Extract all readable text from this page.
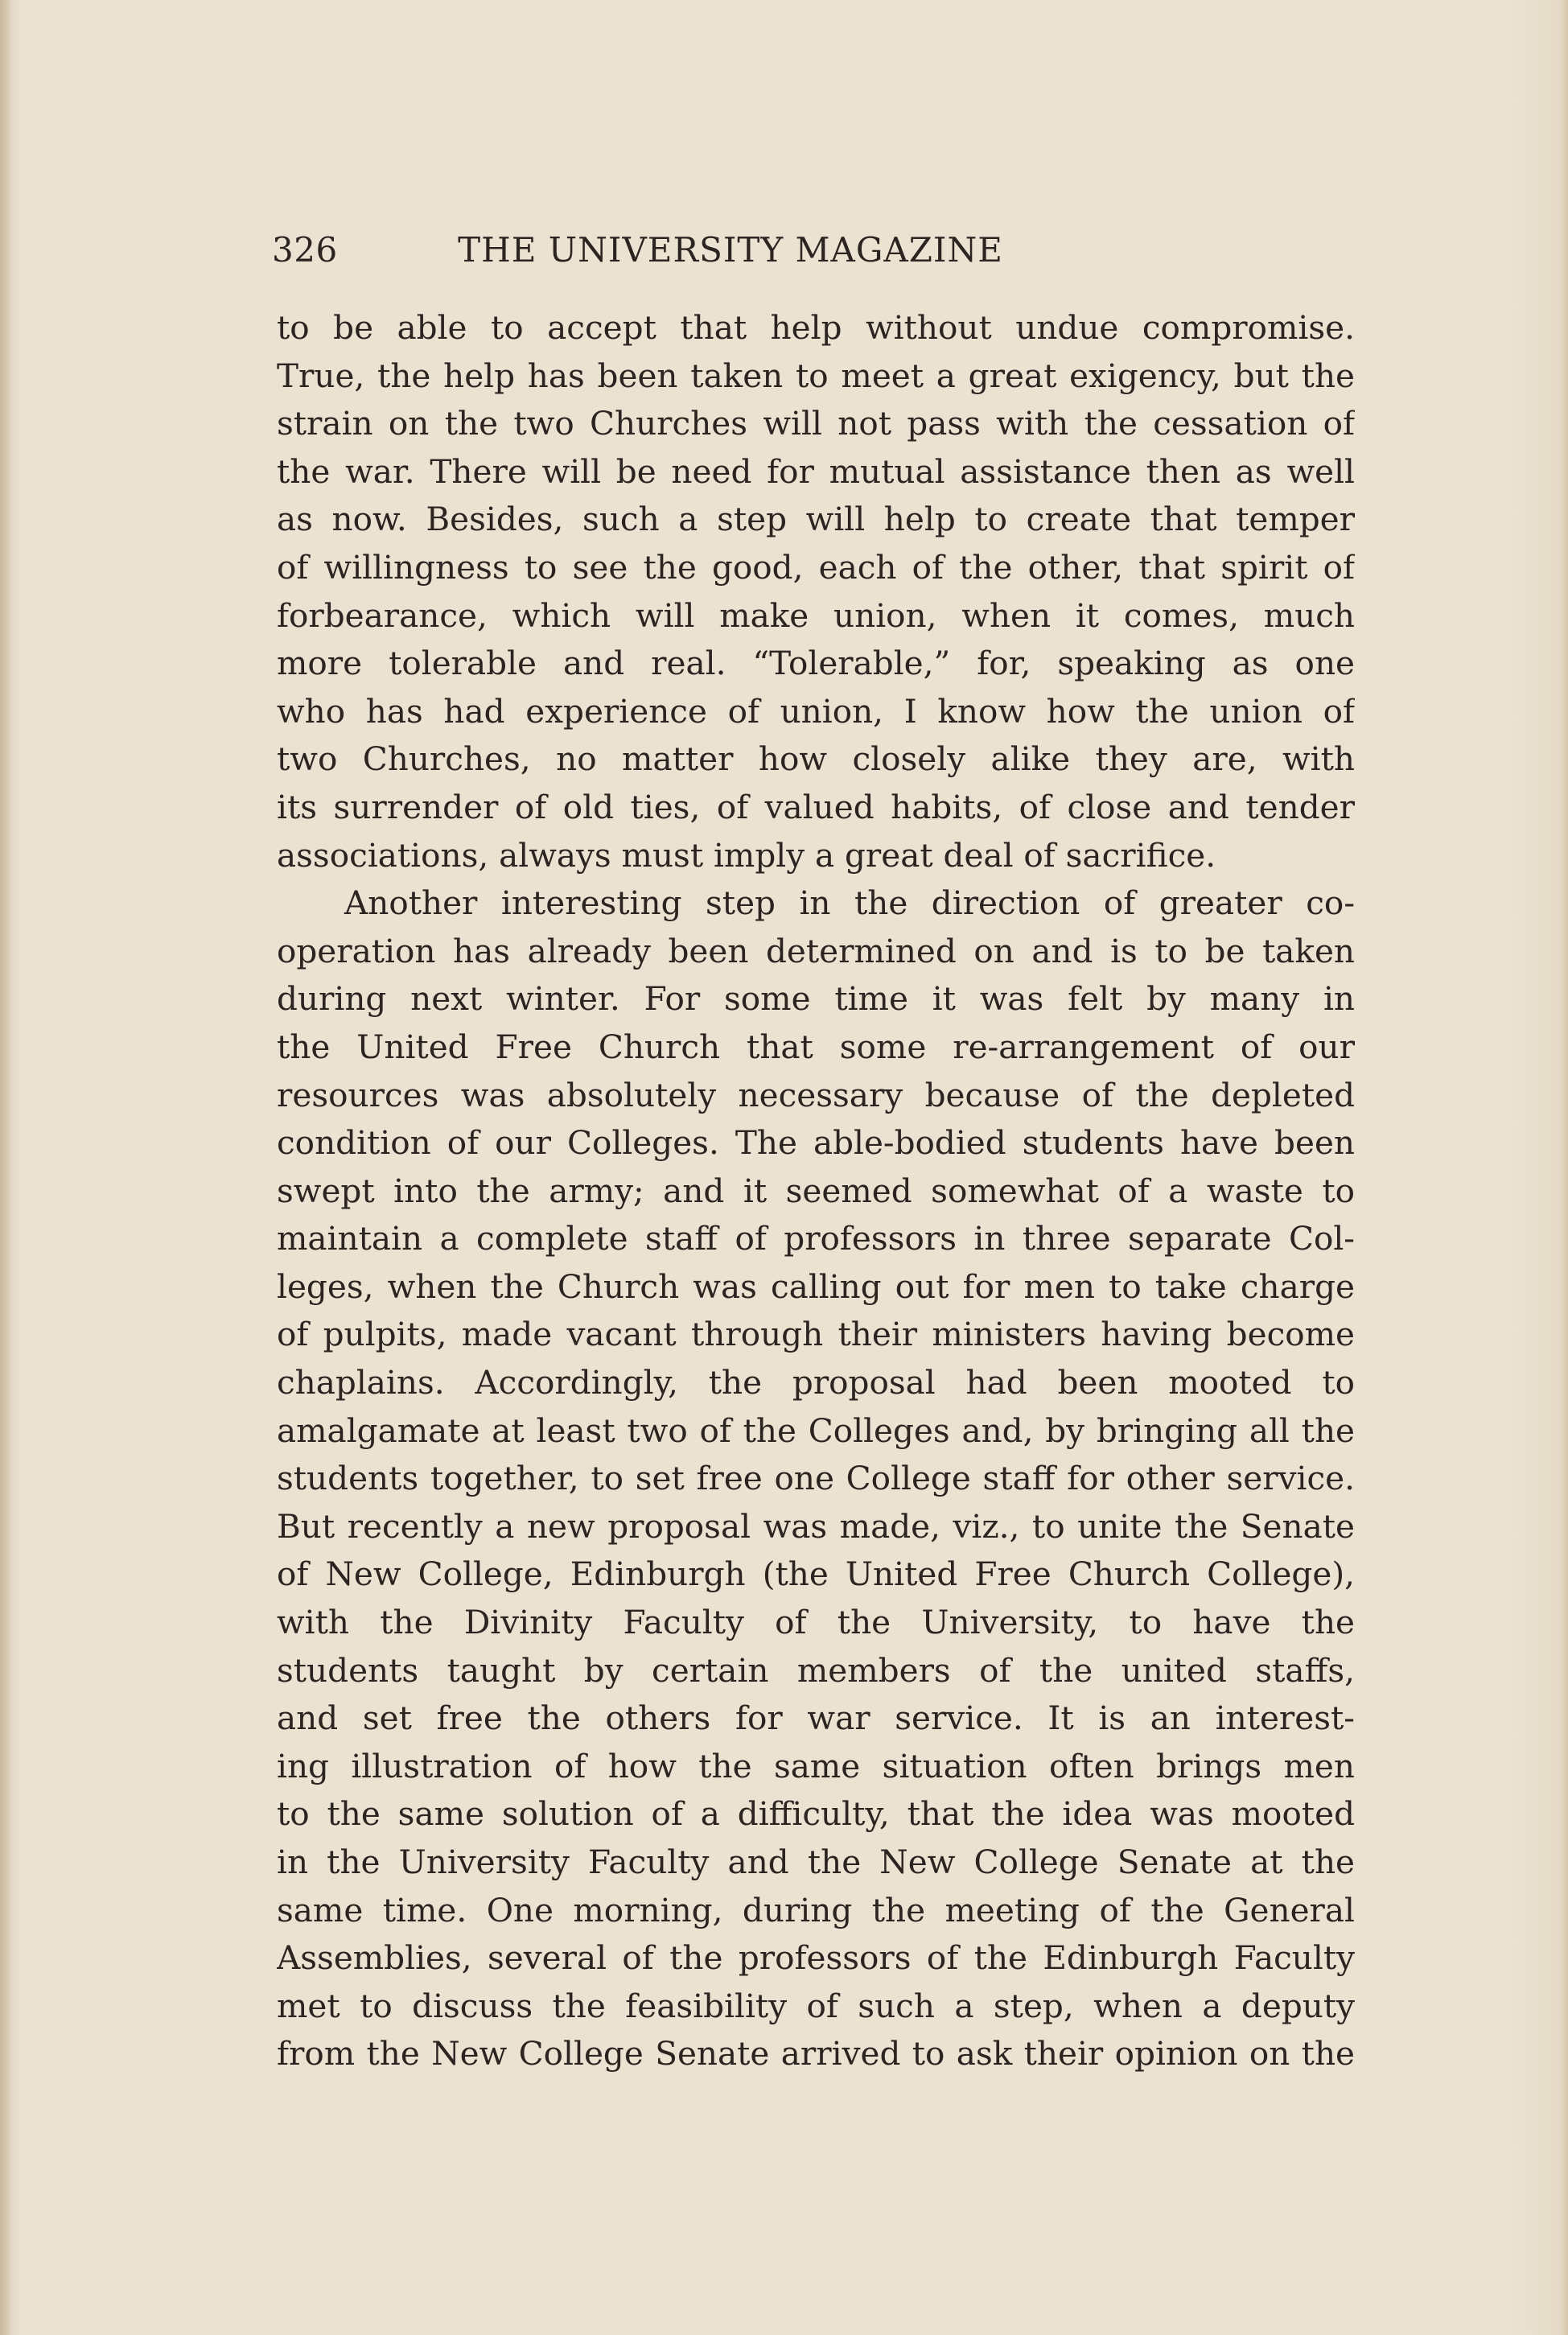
326	THE UNIVERSITY MAGAZINE
to be able to accept that help without undue compromise.
True, the help has been taken to meet a great exigency, but the
strain on the two Churches will not pass with the cessation of
the war. There will be need for mutual assistance then as well
as now. Besides, such a step will help to create that temper
of willingness to see the good, each of the other, that spirit of
forbearance, which will make union, when it comes, much
more tolerable and real. “Tolerable,” for, speaking as one
who has had experience of union, I know how the union of
two Churches, no matter how closely alike they are, with
its surrender of old ties, of valued habits, of close and tender
associations, always must imply a great deal of sacrifice.
Another interesting step in the direction of greater co-
operation has already been determined on and is to be taken
during next winter. For some time it was felt by many in
the United Free Church that some re-arrangement of our
resources was absolutely necessary because of the depleted
condition of our Colleges. The able-bodied students have been
swept into the army; and it seemed somewhat of a waste to
maintain a complete staff of professors in three separate Col-
leges, when the Church was calling out for men to take charge
of pulpits, made vacant through their ministers having become
chaplains. Accordingly, the proposal had been mooted to
amalgamate at least two of the Colleges and, by bringing all the
students together, to set free one College staff for other service.
But recently a new proposal was made, viz., to unite the Senate
of New College, Edinburgh (the United Free Church College),
with the Divinity Faculty of the University, to have the
students taught by certain members of the united staffs,
and set free the others for war service. It is an interest-
ing illustration of how the same situation often brings men
to the same solution of a difficulty, that the idea was mooted
in the University Faculty and the New College Senate at the
same time. One morning, during the meeting of the General
Assemblies, several of the professors of the Edinburgh Faculty
met to discuss the feasibility of such a step, when a deputy
from the New College Senate arrived to ask their opinion on the
